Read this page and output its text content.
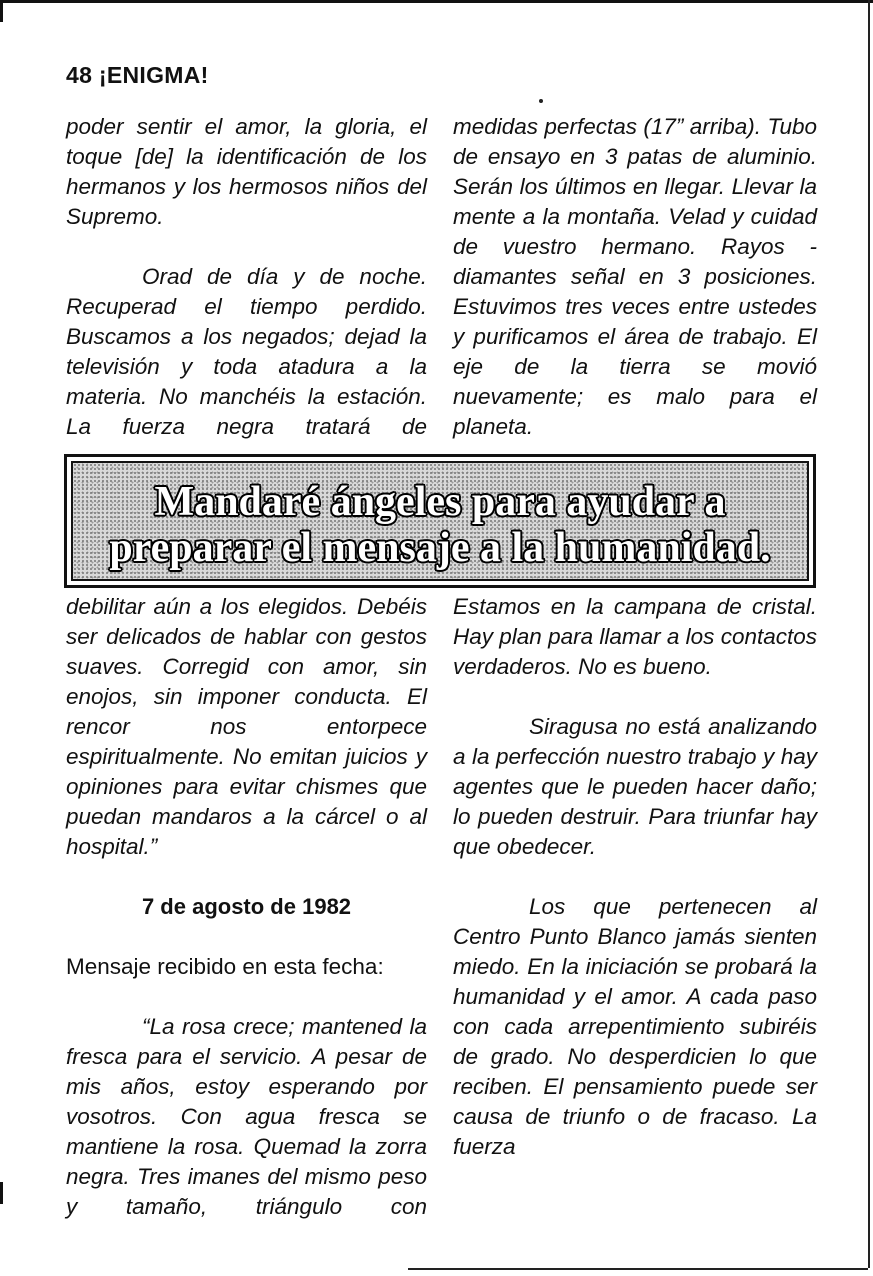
48 ¡ENIGMA!

poder sentir el amor, la gloria, el toque [de] la identificación de los hermanos y los hermosos niños del Supremo.

Orad de día y de noche. Recuperad el tiempo perdido. Buscamos a los negados; dejad la televisión y toda atadura a la materia. No manchéis la estación. La fuerza negra tratará de

medidas perfectas (17” arriba). Tubo de ensayo en 3 patas de aluminio. Serán los últimos en llegar. Llevar la mente a la montaña. Velad y cuidad de vuestro hermano. Rayos - diamantes señal en 3 posiciones. Estuvimos tres veces entre ustedes y purificamos el área de trabajo. El eje de la tierra se movió nuevamente; es malo para el planeta.

Mandaré ángeles para ayudar a
preparar el mensaje a la humanidad.

debilitar aún a los elegidos. Debéis ser delicados de hablar con gestos suaves. Corregid con amor, sin enojos, sin imponer conducta. El rencor nos entorpece espiritualmente. No emitan juicios y opiniones para evitar chismes que puedan mandaros a la cárcel o al hospital.”

7 de agosto de 1982

Mensaje recibido en esta fecha:

“La rosa crece; mantened la fresca para el servicio. A pesar de mis años, estoy esperando por vosotros. Con agua fresca se mantiene la rosa. Quemad la zorra negra. Tres imanes del mismo peso y tamaño, triángulo con

Estamos en la campana de cristal. Hay plan para llamar a los contactos verdaderos. No es bueno.

Siragusa no está analizando a la perfección nuestro trabajo y hay agentes que le pueden hacer daño; lo pueden destruir. Para triunfar hay que obedecer.

Los que pertenecen al Centro Punto Blanco jamás sienten miedo. En la iniciación se probará la humanidad y el amor. A cada paso con cada arrepentimiento subiréis de grado. No desperdicien lo que reciben. El pensamiento puede ser causa de triunfo o de fracaso. La fuerza
